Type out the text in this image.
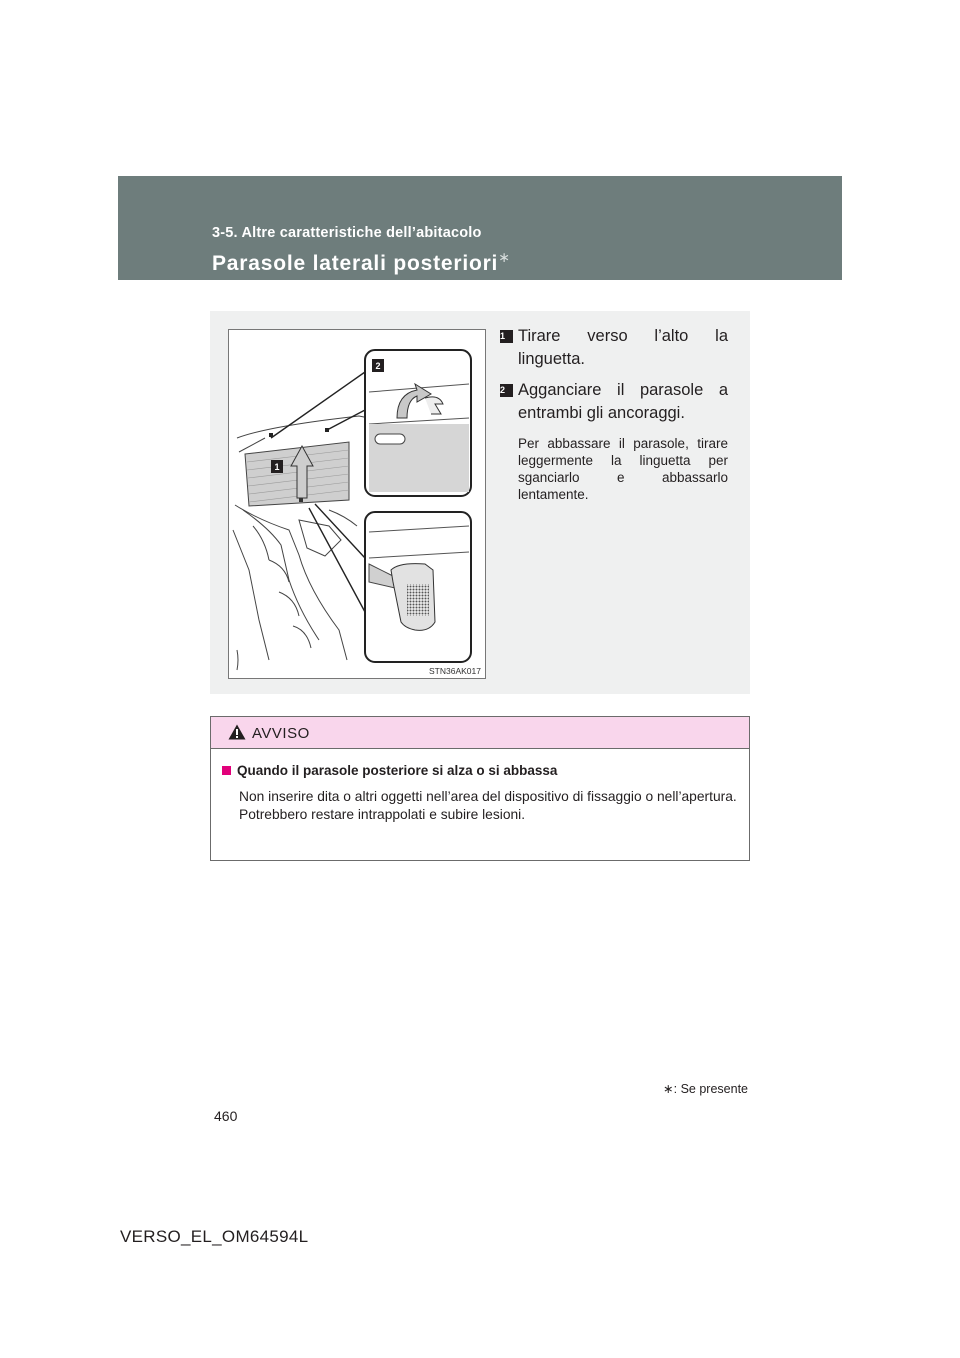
3-5. Altre caratteristiche dell’abitacolo
Parasole laterali posteriori∗
1
2
STN36AK017
1 Tirare verso l’alto la linguetta.
2 Agganciare il parasole a entrambi gli ancoraggi.
Per abbassare il parasole, tirare leggermente la linguetta per sganciarlo e abbassarlo lentamente.
AVVISO
Quando il parasole posteriore si alza o si abbassa

Non inserire dita o altri oggetti nell’area del dispositivo di fissaggio o nell’apertura.

Potrebbero restare intrappolati e subire lesioni.

∗: Se presente
460
VERSO_EL_OM64594L
